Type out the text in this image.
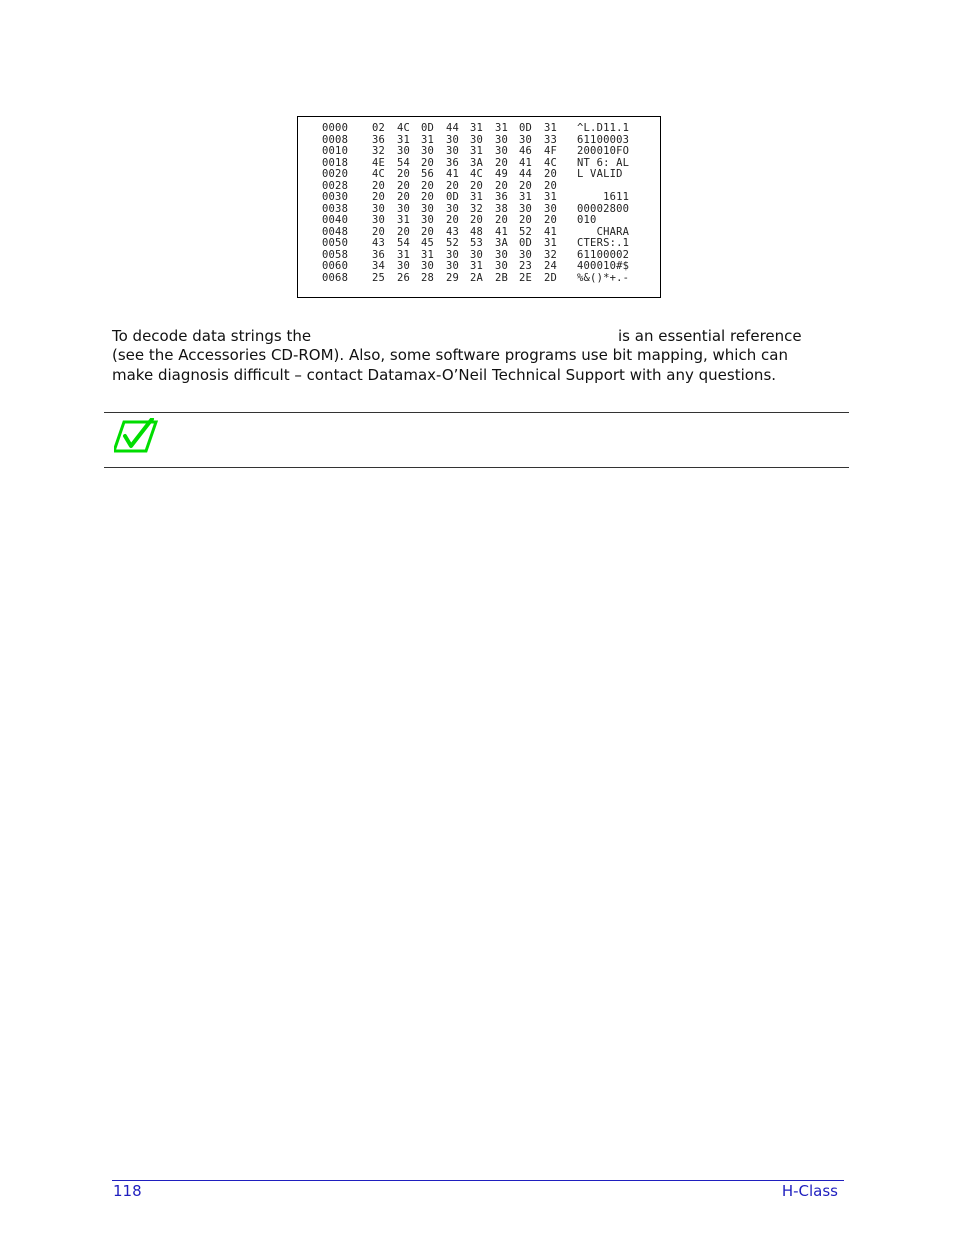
0000 02 4C 0D 44 31 31 0D 31 ^L.D11.1
0008 36 31 31 30 30 30 30 33 61100003
0010 32 30 30 30 31 30 46 4F 200010FO
0018 4E 54 20 36 3A 20 41 4C NT 6: AL
0020 4C 20 56 41 4C 49 44 20 L VALID
0028 20 20 20 20 20 20 20 20

0030 20 20 20 0D 31 36 31 31 1611
0038 30 30 30 30 32 38 30 30 00002800
0040 30 31 30 20 20 20 20 20 010
0048 20 20 20 43 48 41 52 41 CHARA
0050 43 54 45 52 53 3A 0D 31 CTERS:.1
0058 36 31 31 30 30 30 30 32 61100002
0060 34 30 30 30 31 30 23 24 400010#$
0068 25 26 28 29 2A 2B 2E 2D %&()*+.-
To decode data strings the	is an essential reference
(see the Accessories CD-ROM). Also, some software programs use bit mapping, which can
make diagnosis difficult – contact Datamax-O’Neil Technical Support with any questions.
118	H-Class
